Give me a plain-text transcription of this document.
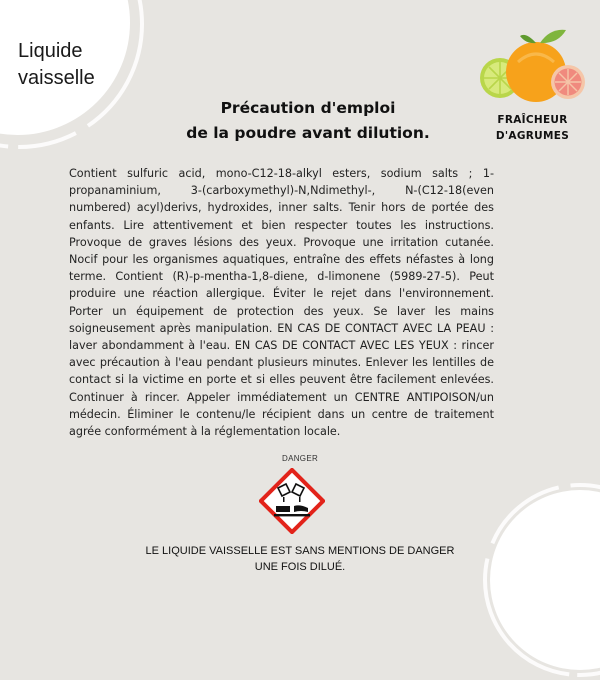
Liquide
vaisselle
Précaution d'emploi
de la poudre avant dilution.
FRAÎCHEUR
D'AGRUMES
Contient sulfuric acid, mono-C12-18-alkyl esters, sodium salts ; 1-propanaminium, 3-(carboxymethyl)-N,Ndimethyl-, N-(C12-18(even numbered) acyl)derivs, hydroxides, inner salts. Tenir hors de portée des enfants. Lire attentivement et bien respecter toutes les instructions. Provoque de graves lésions des yeux. Provoque une irritation cutanée. Nocif pour les organismes aquatiques, entraîne des effets néfastes à long terme. Contient (R)-p-mentha-1,8-diene, d-limonene (5989-27-5). Peut produire une réaction allergique. Éviter le rejet dans l'environnement. Porter un équipement de protection des yeux. Se laver les mains soigneusement après manipulation. EN CAS DE CONTACT AVEC LA PEAU : laver abondamment à l'eau. EN CAS DE CONTACT AVEC LES YEUX : rincer avec précaution à l'eau pendant plusieurs minutes. Enlever les lentilles de contact si la victime en porte et si elles peuvent être facilement enlevées. Continuer à rincer. Appeler immédiatement un CENTRE ANTIPOISON/un médecin. Éliminer le contenu/le récipient dans un centre de traitement agrée conformément à la réglementation locale.
DANGER
LE LIQUIDE VAISSELLE EST SANS MENTIONS DE DANGER
UNE FOIS DILUÉ.
